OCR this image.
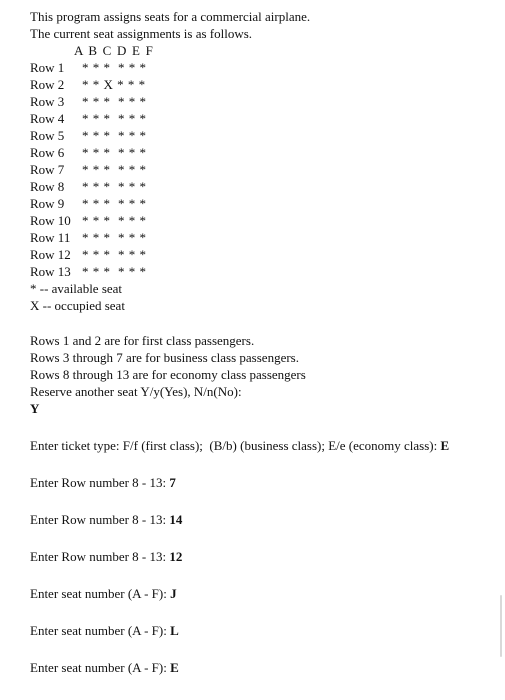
This program assigns seats for a commercial airplane.
The current seat assignments is as follows.
A B C D E F
Row 1	* * *  * * *
Row 2	* * X * * *
Row 3	* * *  * * *
Row 4	* * *  * * *
Row 5	* * *  * * *
Row 6	* * *  * * *
Row 7	* * *  * * *
Row 8	* * *  * * *
Row 9	* * *  * * *
Row 10 * * *  * * *
Row 11 * * *  * * *
Row 12 * * *  * * *
Row 13 * * *  * * *
* -- available seat
X -- occupied seat
Rows 1 and 2 are for first class passengers.
Rows 3 through 7 are for business class passengers.
Rows 8 through 13 are for economy class passengers
Reserve another seat Y/y(Yes), N/n(No):
Y
Enter ticket type: F/f (first class);  (B/b) (business class); E/e (economy class): E
Enter Row number 8 - 13: 7
Enter Row number 8 - 13: 14
Enter Row number 8 - 13: 12
Enter seat number (A - F): J
Enter seat number (A - F): L
Enter seat number (A - F): E
